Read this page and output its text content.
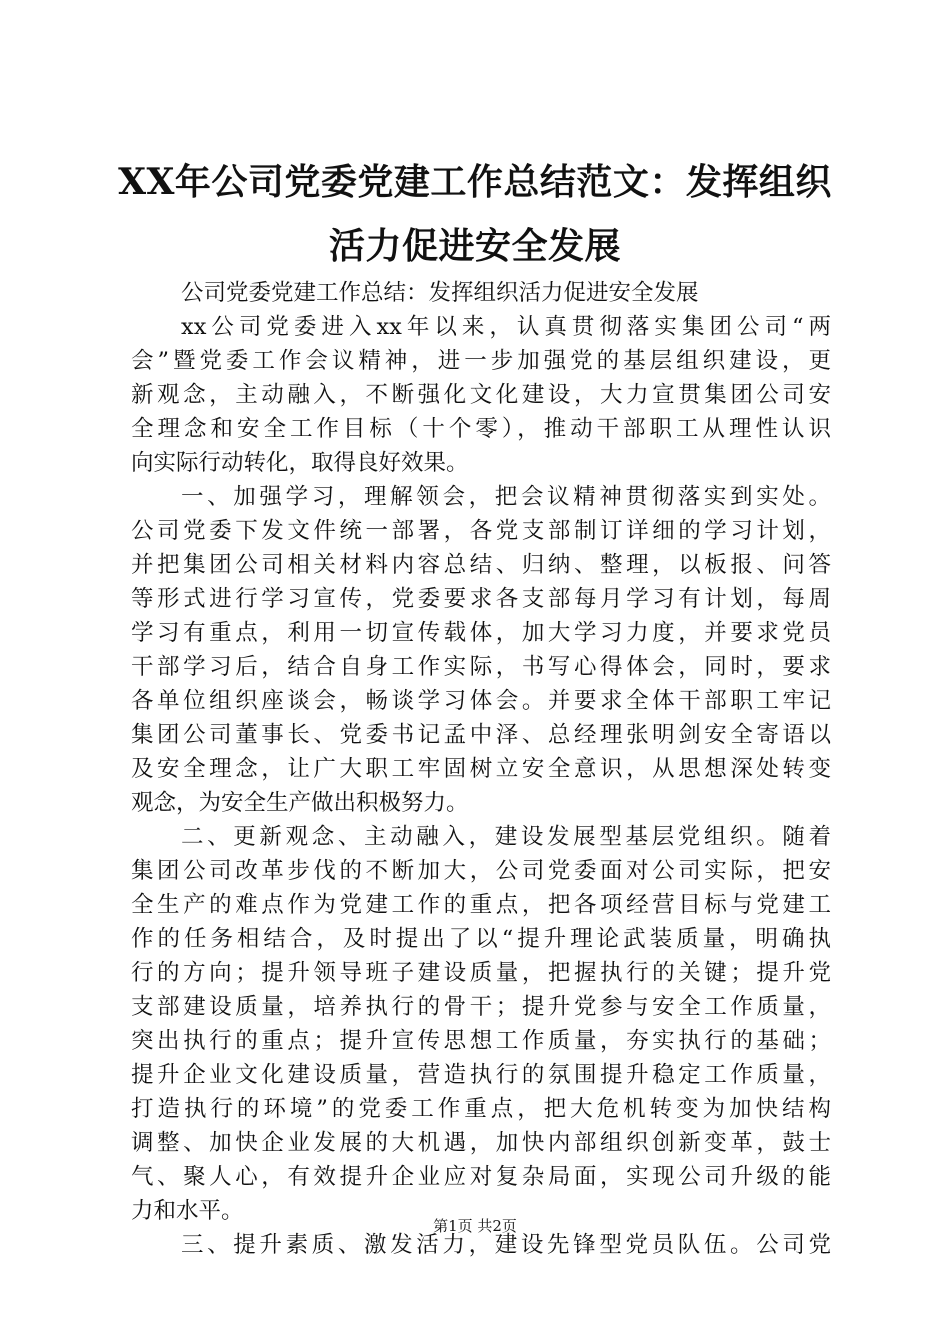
XX年公司党委党建工作总结范文：发挥组织
活力促进安全发展
公司党委党建工作总结：发挥组织活力促进安全发展
xx公司党委进入xx年以来，认真贯彻落实集团公司“两
会”暨党委工作会议精神，进一步加强党的基层组织建设，更
新观念，主动融入，不断强化文化建设，大力宣贯集团公司安
全理念和安全工作目标（十个零），推动干部职工从理性认识
向实际行动转化，取得良好效果。
一、加强学习，理解领会，把会议精神贯彻落实到实处。
公司党委下发文件统一部署，各党支部制订详细的学习计划，
并把集团公司相关材料内容总结、归纳、整理，以板报、问答
等形式进行学习宣传，党委要求各支部每月学习有计划，每周
学习有重点，利用一切宣传载体，加大学习力度，并要求党员
干部学习后，结合自身工作实际，书写心得体会，同时，要求
各单位组织座谈会，畅谈学习体会。并要求全体干部职工牢记
集团公司董事长、党委书记孟中泽、总经理张明剑安全寄语以
及安全理念，让广大职工牢固树立安全意识，从思想深处转变
观念，为安全生产做出积极努力。
二、更新观念、主动融入，建设发展型基层党组织。随着
集团公司改革步伐的不断加大，公司党委面对公司实际，把安
全生产的难点作为党建工作的重点，把各项经营目标与党建工
作的任务相结合，及时提出了以“提升理论武装质量，明确执
行的方向；提升领导班子建设质量，把握执行的关键；提升党
支部建设质量，培养执行的骨干；提升党参与安全工作质量，
突出执行的重点；提升宣传思想工作质量，夯实执行的基础；
提升企业文化建设质量，营造执行的氛围提升稳定工作质量，
打造执行的环境”的党委工作重点，把大危机转变为加快结构
调整、加快企业发展的大机遇，加快内部组织创新变革，鼓士
气、聚人心，有效提升企业应对复杂局面，实现公司升级的能
力和水平。
三、提升素质、激发活力，建设先锋型党员队伍。公司党
第1页 共2页
